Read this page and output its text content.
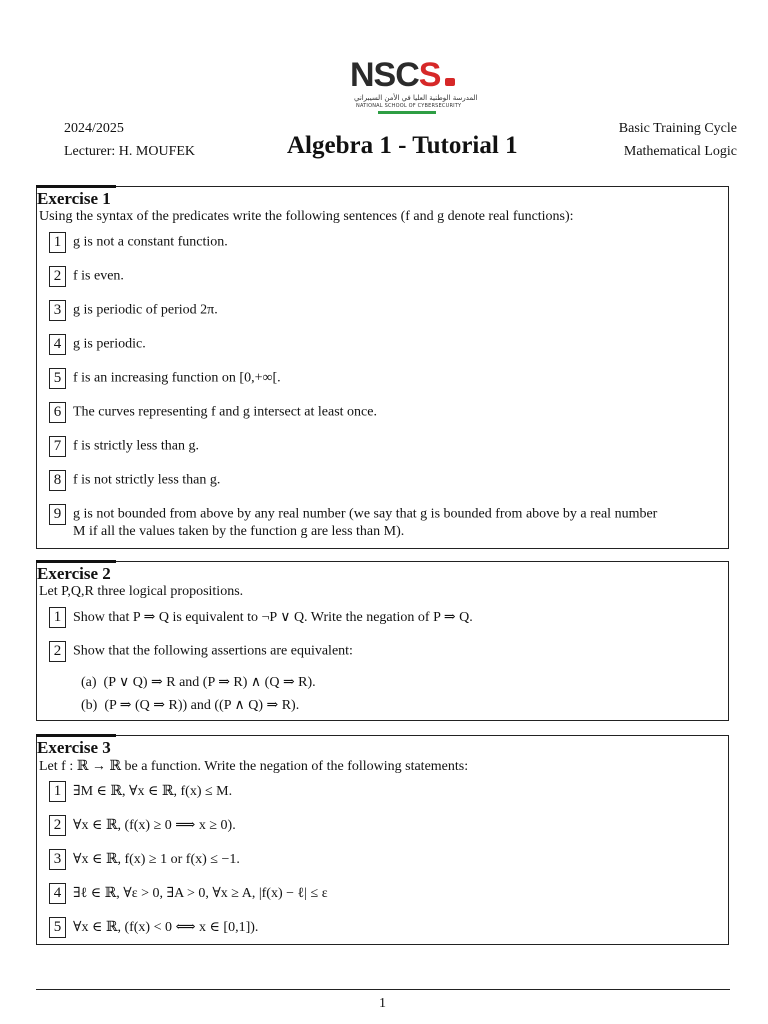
NSCS
المدرسة الوطنية العليا في الأمن السيبراني
NATIONAL SCHOOL OF CYBERSECURITY
2024/2025
Lecturer: H. MOUFEK	Algebra 1 - Tutorial 1
Basic Training Cycle
Mathematical Logic
Exercise 1
Using the syntax of the predicates write the following sentences (f and g denote real functions):
1 g is not a constant function.
2 f is even.
3 g is periodic of period 2π.
4 g is periodic.
5 f is an increasing function on [0,+∞[.
6 The curves representing f and g intersect at least once.
7 f is strictly less than g.
8 f is not strictly less than g.
9 g is not bounded from above by any real number (we say that g is bounded from above by a real number
M if all the values taken by the function g are less than M).
Exercise 2
Let P,Q,R three logical propositions.
1 Show that P ⇒ Q is equivalent to ¬P ∨ Q. Write the negation of P ⇒ Q.
2 Show that the following assertions are equivalent:
(a) (P ∨ Q) ⇒ R and (P ⇒ R) ∧ (Q ⇒ R).
(b) (P ⇒ (Q ⇒ R)) and ((P ∧ Q) ⇒ R).
Exercise 3
Let f : ℝ → ℝ be a function. Write the negation of the following statements:
1 ∃M ∈ ℝ, ∀x ∈ ℝ, f(x) ≤ M.
2 ∀x ∈ ℝ, (f(x) ≥ 0 ⟹ x ≥ 0).
3 ∀x ∈ ℝ, f(x) ≥ 1 or f(x) ≤ −1.
4 ∃ℓ ∈ ℝ, ∀ε > 0, ∃A > 0, ∀x ≥ A, |f(x) − ℓ| ≤ ε
5 ∀x ∈ ℝ, (f(x) < 0 ⟺ x ∈ [0,1]).
1
